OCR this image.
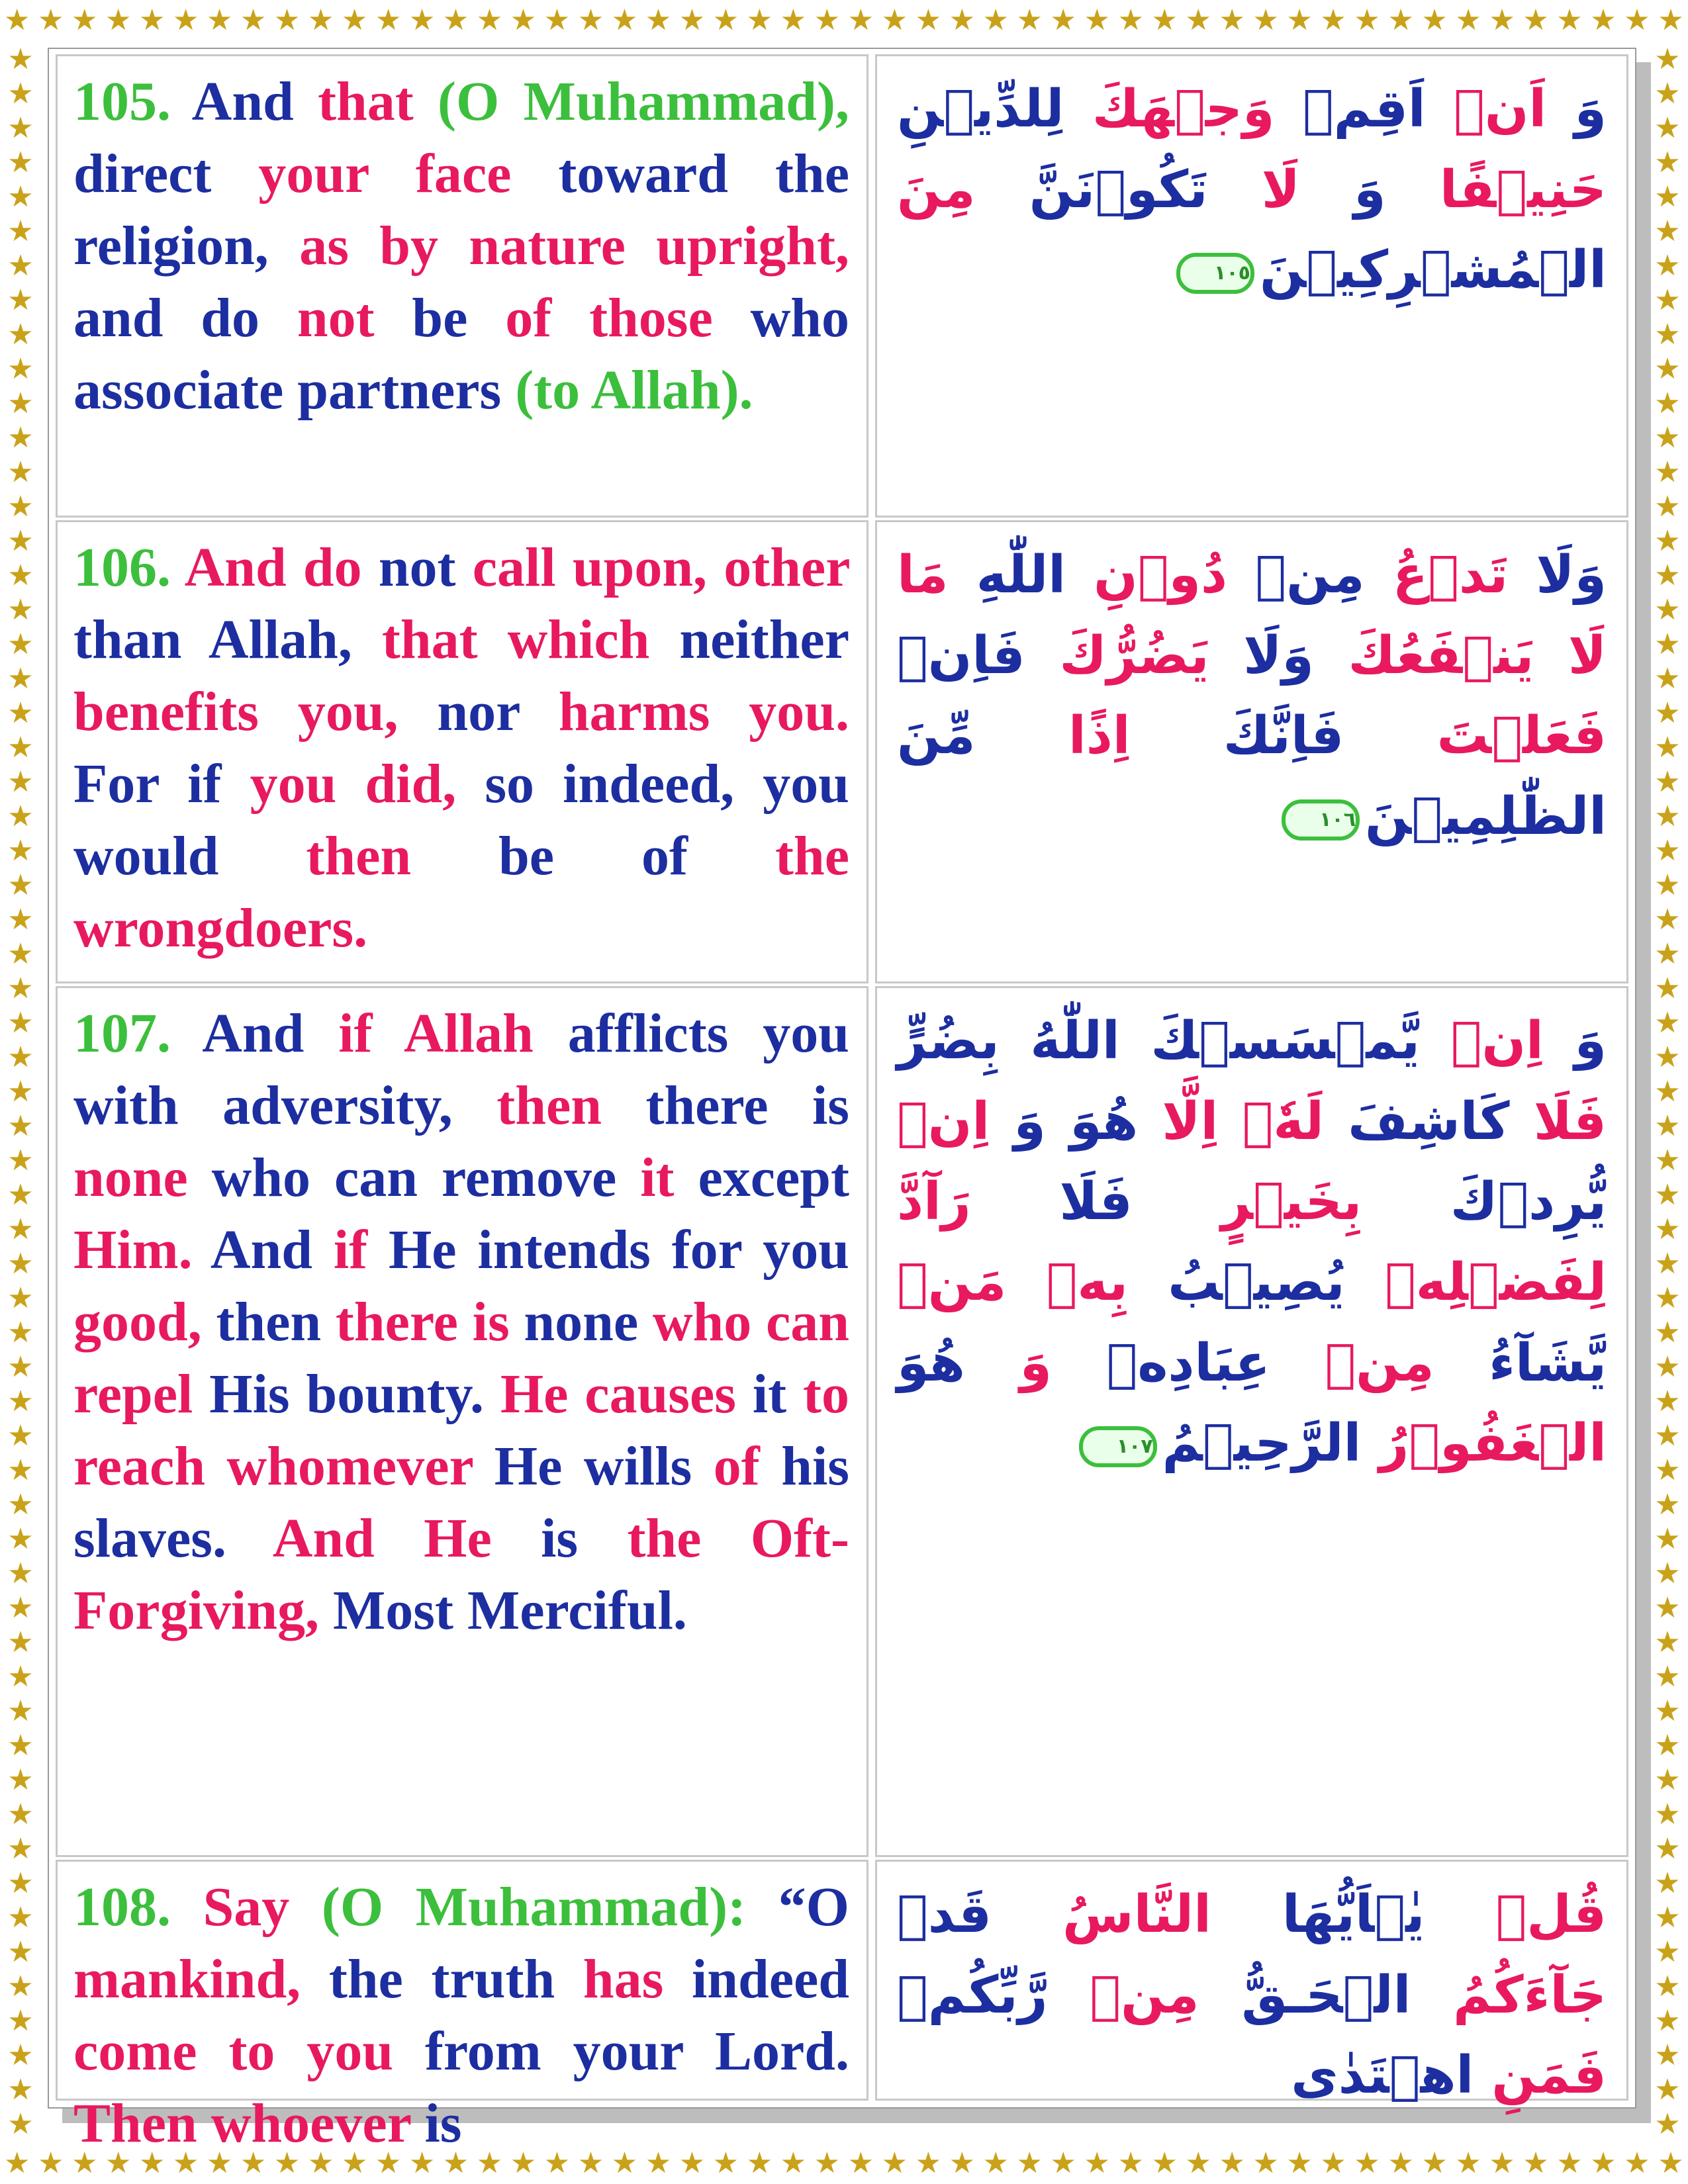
★ ★ ★ ★ ★ ★ ★ ★ ★ ★ ★ ★ ★ ★ ★ ★ ★ ★ ★ ★ ★ ★ ★ ★ ★ ★ ★ ★ ★ ★ ★ ★ ★ ★ ★ ★ ★ ★ ★ ★ ★ ★ ★ ★ ★ ★ ★ ★ ★ ★
★ ★ ★ ★ ★ ★ ★ ★ ★ ★ ★ ★ ★ ★ ★ ★ ★ ★ ★ ★ ★ ★ ★ ★ ★ ★ ★ ★ ★ ★ ★ ★ ★ ★ ★ ★ ★ ★ ★ ★ ★ ★ ★ ★ ★ ★ ★ ★ ★ ★
★
★
★
★
★
★
★
★
★
★
★
★
★
★
★
★
★
★
★
★
★
★
★
★
★
★
★
★
★
★
★
★
★
★
★
★
★
★
★
★
★
★
★
★
★
★
★
★
★
★
★
★
★
★
★
★
★
★
★
★
★
★
★
★
★
★
★
★
★
★
★
★
★
★
★
★
★
★
★
★
★
★
★
★
★
★
★
★
★
★
★
★
★
★
★
★
★
★
★
★
★
★
★
★
★
★
★
★
★
★
★
★
★
★
★
★
★
★
★
★
★
★
105. And that (O Muhammad), direct your face toward the religion, as by nature upright, and do not be of those who associate partners (to Allah).
وَ اَنۡ اَقِمۡ وَجۡهَكَ لِلدِّيۡنِ حَنِيۡفًا وَ لَا تَكُوۡنَنَّ مِنَ الۡمُشۡرِكِيۡنَ١٠٥
106. And do not call upon, other than Allah, that which neither benefits you, nor harms you. For if you did, so indeed, you would then be of the wrongdoers.
وَلَا تَدۡعُ مِنۡ دُوۡنِ اللّٰهِ مَا لَا يَنۡفَعُكَ وَلَا يَضُرُّكَ فَاِنۡ فَعَلۡتَ فَاِنَّكَ اِذًا مِّنَ الظّٰلِمِيۡنَ١٠٦
107. And if Allah afflicts you with adversity, then there is none who can remove it except Him. And if He intends for you good, then there is none who can repel His bounty. He causes it to reach whomever He wills of his slaves. And He is the Oft-Forgiving, Most Merciful.
وَ اِنۡ يَّمۡسَسۡكَ اللّٰهُ بِضُرٍّ فَلَا كَاشِفَ لَهٗۤ اِلَّا هُوَ وَ اِنۡ يُّرِدۡكَ بِخَيۡرٍ فَلَا رَآدَّ لِفَضۡلِهٖ يُصِيۡبُ بِهٖ مَنۡ يَّشَآءُ مِنۡ عِبَادِهٖ وَ هُوَ الۡغَفُوۡرُ الرَّحِيۡمُ١٠٧
108. Say (O Muhammad): “O mankind, the truth has indeed come to you from your Lord. Then whoever is
قُلۡ يٰۤاَيُّهَا النَّاسُ قَدۡ جَآءَكُمُ الۡحَـقُّ مِنۡ رَّبِّكُمۡ فَمَنِ اهۡتَدٰى
